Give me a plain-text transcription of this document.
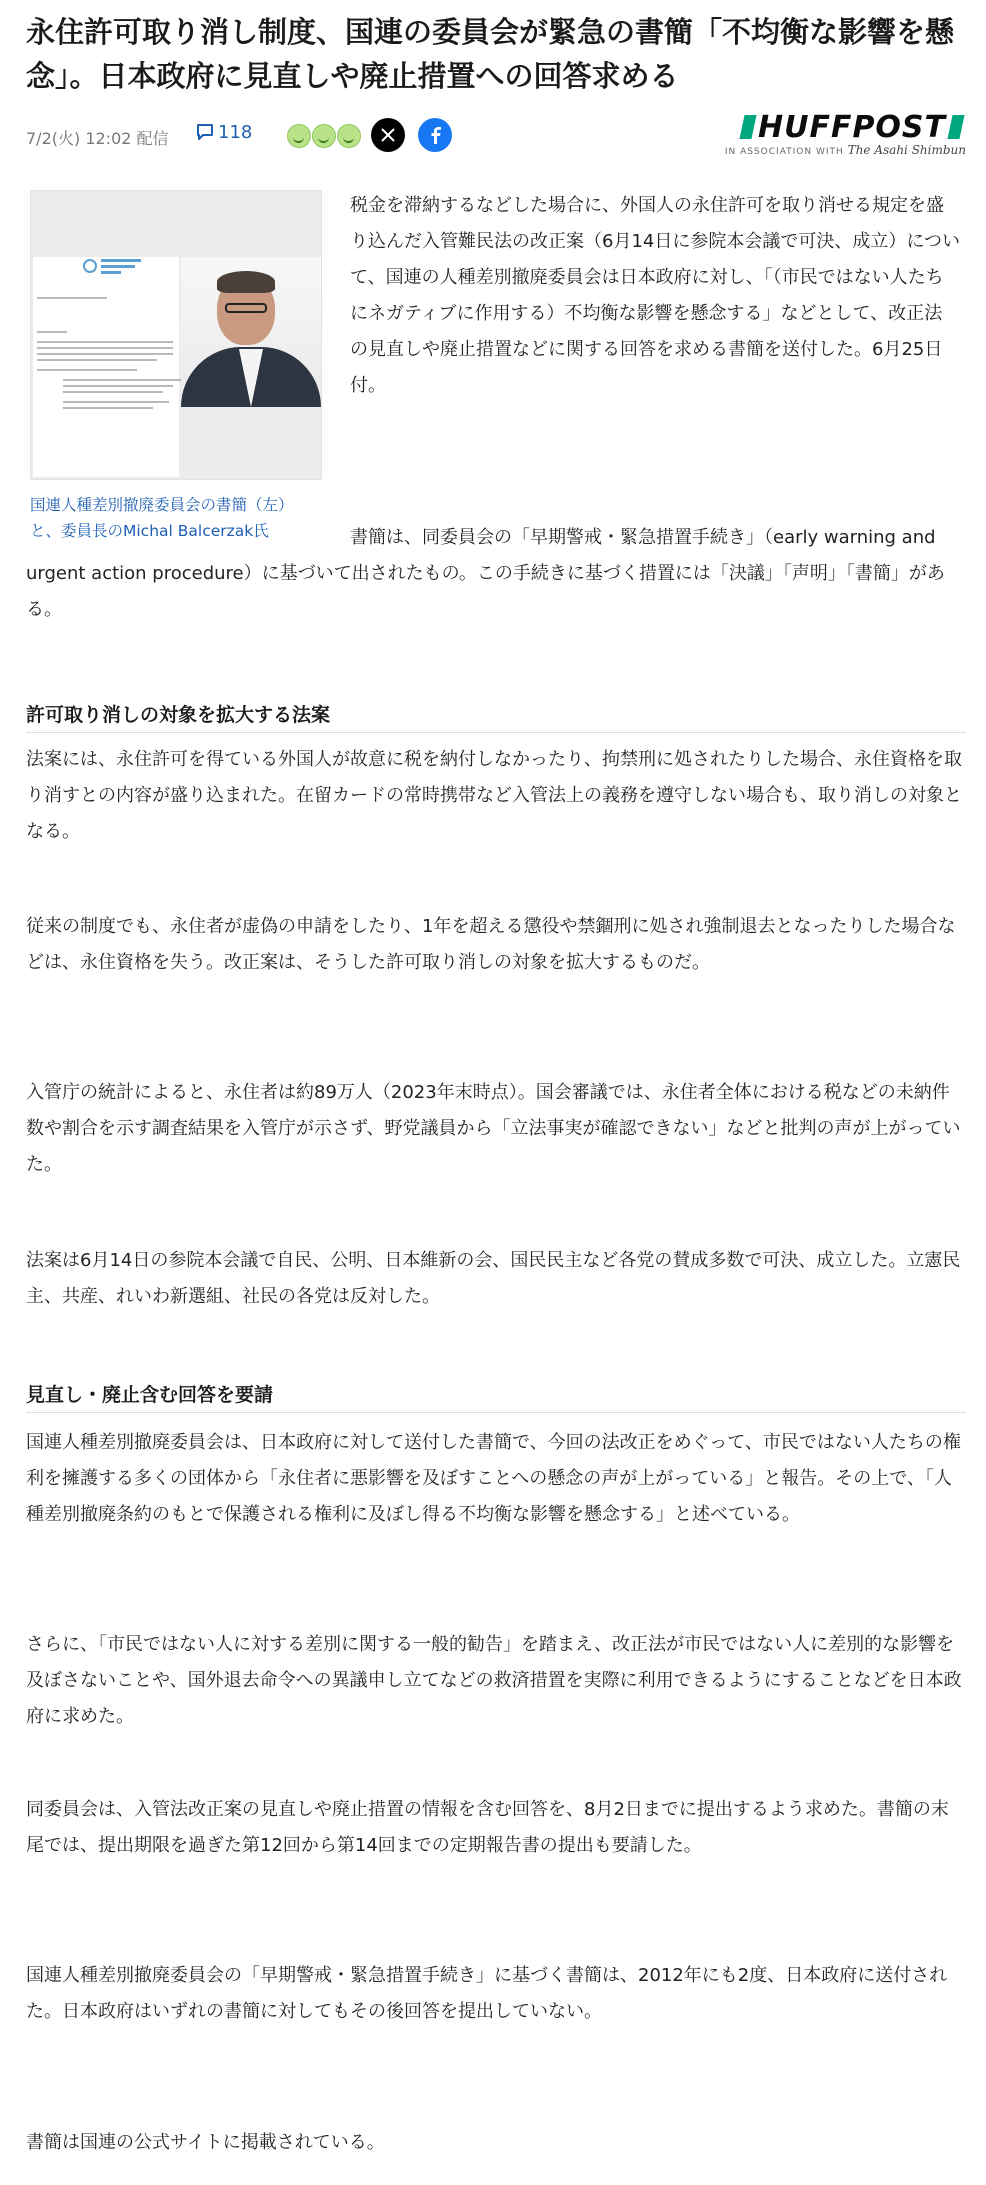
永住許可取り消し制度、国連の委員会が緊急の書簡「不均衡な影響を懸念」。日本政府に見直しや廃止措置への回答求める
7/2(火) 12:02 配信	118
	HUFFPOST
IN ASSOCIATION WITH The Asahi Shimbun

国連人種差別撤廃委員会の書簡（左）と、委員長のMichal Balcerzak氏

税金を滞納するなどした場合に、外国人の永住許可を取り消せる規定を盛り込んだ入管難民法の改正案（6月14日に参院本会議で可決、成立）について、国連の人種差別撤廃委員会は日本政府に対し、「（市民ではない人たちにネガティブに作用する）不均衡な影響を懸念する」などとして、改正法の見直しや廃止措置などに関する回答を求める書簡を送付した。6月25日付。

書簡は、同委員会の「早期警戒・緊急措置手続き」（early warning and urgent action procedure）に基づいて出されたもの。この手続きに基づく措置には「決議」「声明」「書簡」がある。

許可取り消しの対象を拡大する法案

法案には、永住許可を得ている外国人が故意に税を納付しなかったり、拘禁刑に処されたりした場合、永住資格を取り消すとの内容が盛り込まれた。在留カードの常時携帯など入管法上の義務を遵守しない場合も、取り消しの対象となる。

従来の制度でも、永住者が虚偽の申請をしたり、1年を超える懲役や禁錮刑に処され強制退去となったりした場合などは、永住資格を失う。改正案は、そうした許可取り消しの対象を拡大するものだ。

入管庁の統計によると、永住者は約89万人（2023年末時点）。国会審議では、永住者全体における税などの未納件数や割合を示す調査結果を入管庁が示さず、野党議員から「立法事実が確認できない」などと批判の声が上がっていた。

法案は6月14日の参院本会議で自民、公明、日本維新の会、国民民主など各党の賛成多数で可決、成立した。立憲民主、共産、れいわ新選組、社民の各党は反対した。

見直し・廃止含む回答を要請

国連人種差別撤廃委員会は、日本政府に対して送付した書簡で、今回の法改正をめぐって、市民ではない人たちの権利を擁護する多くの団体から「永住者に悪影響を及ぼすことへの懸念の声が上がっている」と報告。その上で、「人種差別撤廃条約のもとで保護される権利に及ぼし得る不均衡な影響を懸念する」と述べている。

さらに、「市民ではない人に対する差別に関する一般的勧告」を踏まえ、改正法が市民ではない人に差別的な影響を及ぼさないことや、国外退去命令への異議申し立てなどの救済措置を実際に利用できるようにすることなどを日本政府に求めた。

同委員会は、入管法改正案の見直しや廃止措置の情報を含む回答を、8月2日までに提出するよう求めた。書簡の末尾では、提出期限を過ぎた第12回から第14回までの定期報告書の提出も要請した。

国連人種差別撤廃委員会の「早期警戒・緊急措置手続き」に基づく書簡は、2012年にも2度、日本政府に送付された。日本政府はいずれの書簡に対してもその後回答を提出していない。

書簡は国連の公式サイトに掲載されている。
